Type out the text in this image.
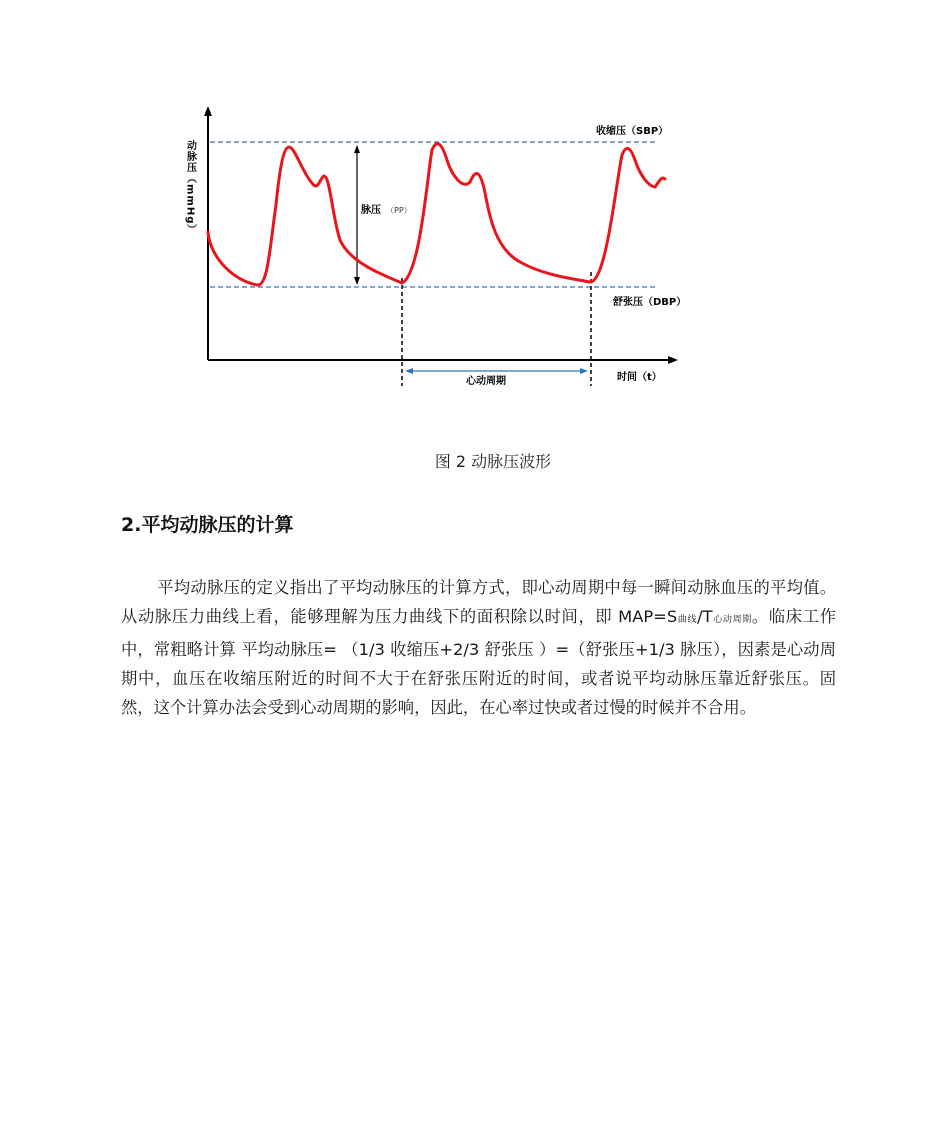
动脉压（mmHg）
收缩压（SBP）
舒张压（DBP）
脉压 （PP）
心动周期	时间（t）
图 2 动脉压波形
2.平均动脉压的计算
平均动脉压的定义指出了平均动脉压的计算方式，即心动周期中每一瞬间动脉血压的平均值。从动脉压力曲线上看，能够理解为压力曲线下的面积除以时间，即 MAP=S曲线/T心动周期。临床工作中，常粗略计算 平均动脉压= （1/3 收缩压+2/3 舒张压 ）=（舒张压+1/3 脉压），因素是心动周期中，血压在收缩压附近的时间不大于在舒张压附近的时间，或者说平均动脉压靠近舒张压。固然，这个计算办法会受到心动周期的影响，因此，在心率过快或者过慢的时候并不合用。
